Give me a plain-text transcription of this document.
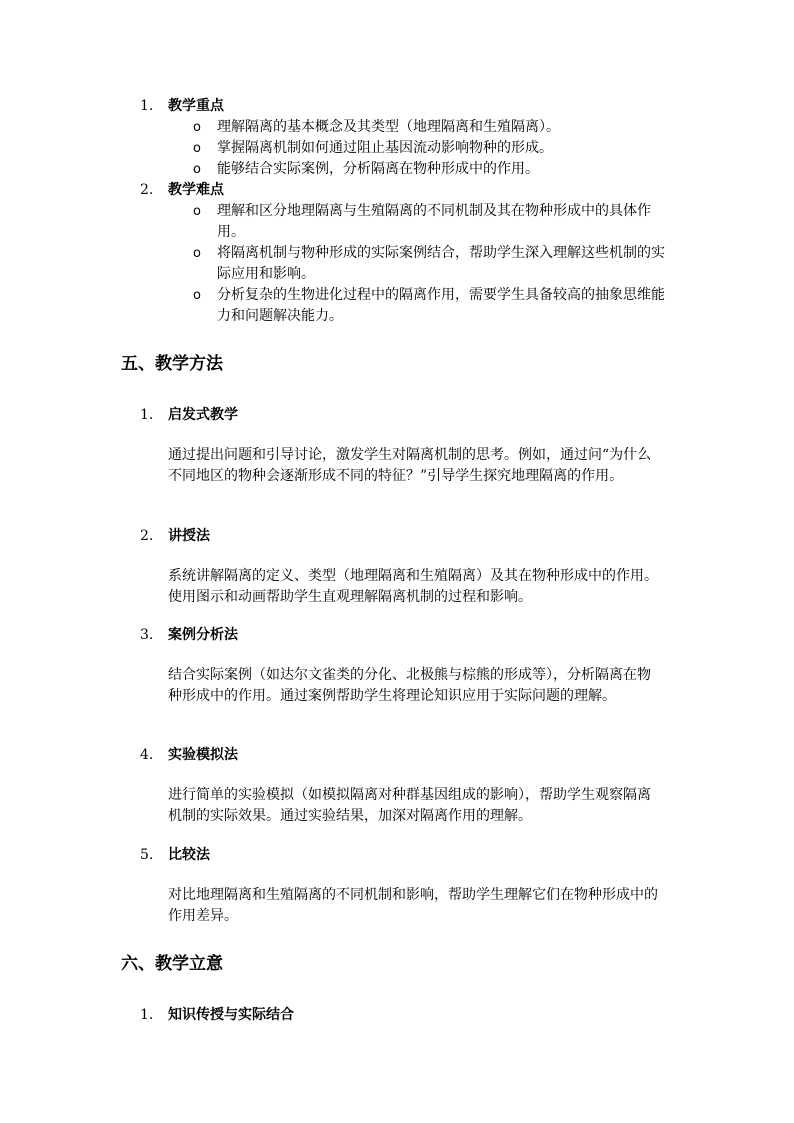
1.	教学重点
o 理解隔离的基本概念及其类型（地理隔离和生殖隔离）。
o 掌握隔离机制如何通过阻止基因流动影响物种的形成。
o 能够结合实际案例，分析隔离在物种形成中的作用。
2.	教学难点
o 理解和区分地理隔离与生殖隔离的不同机制及其在物种形成中的具体作用。
o 将隔离机制与物种形成的实际案例结合，帮助学生深入理解这些机制的实际应用和影响。
o 分析复杂的生物进化过程中的隔离作用，需要学生具备较高的抽象思维能力和问题解决能力。
五、教学方法
1.	启发式教学
通过提出问题和引导讨论，激发学生对隔离机制的思考。例如，通过问“为什么不同地区的物种会逐渐形成不同的特征？”引导学生探究地理隔离的作用。
2.	讲授法
系统讲解隔离的定义、类型（地理隔离和生殖隔离）及其在物种形成中的作用。使用图示和动画帮助学生直观理解隔离机制的过程和影响。
3.	案例分析法
结合实际案例（如达尔文雀类的分化、北极熊与棕熊的形成等），分析隔离在物种形成中的作用。通过案例帮助学生将理论知识应用于实际问题的理解。
4.	实验模拟法
进行简单的实验模拟（如模拟隔离对种群基因组成的影响），帮助学生观察隔离机制的实际效果。通过实验结果，加深对隔离作用的理解。
5.	比较法
对比地理隔离和生殖隔离的不同机制和影响，帮助学生理解它们在物种形成中的作用差异。
六、教学立意
1.	知识传授与实际结合
